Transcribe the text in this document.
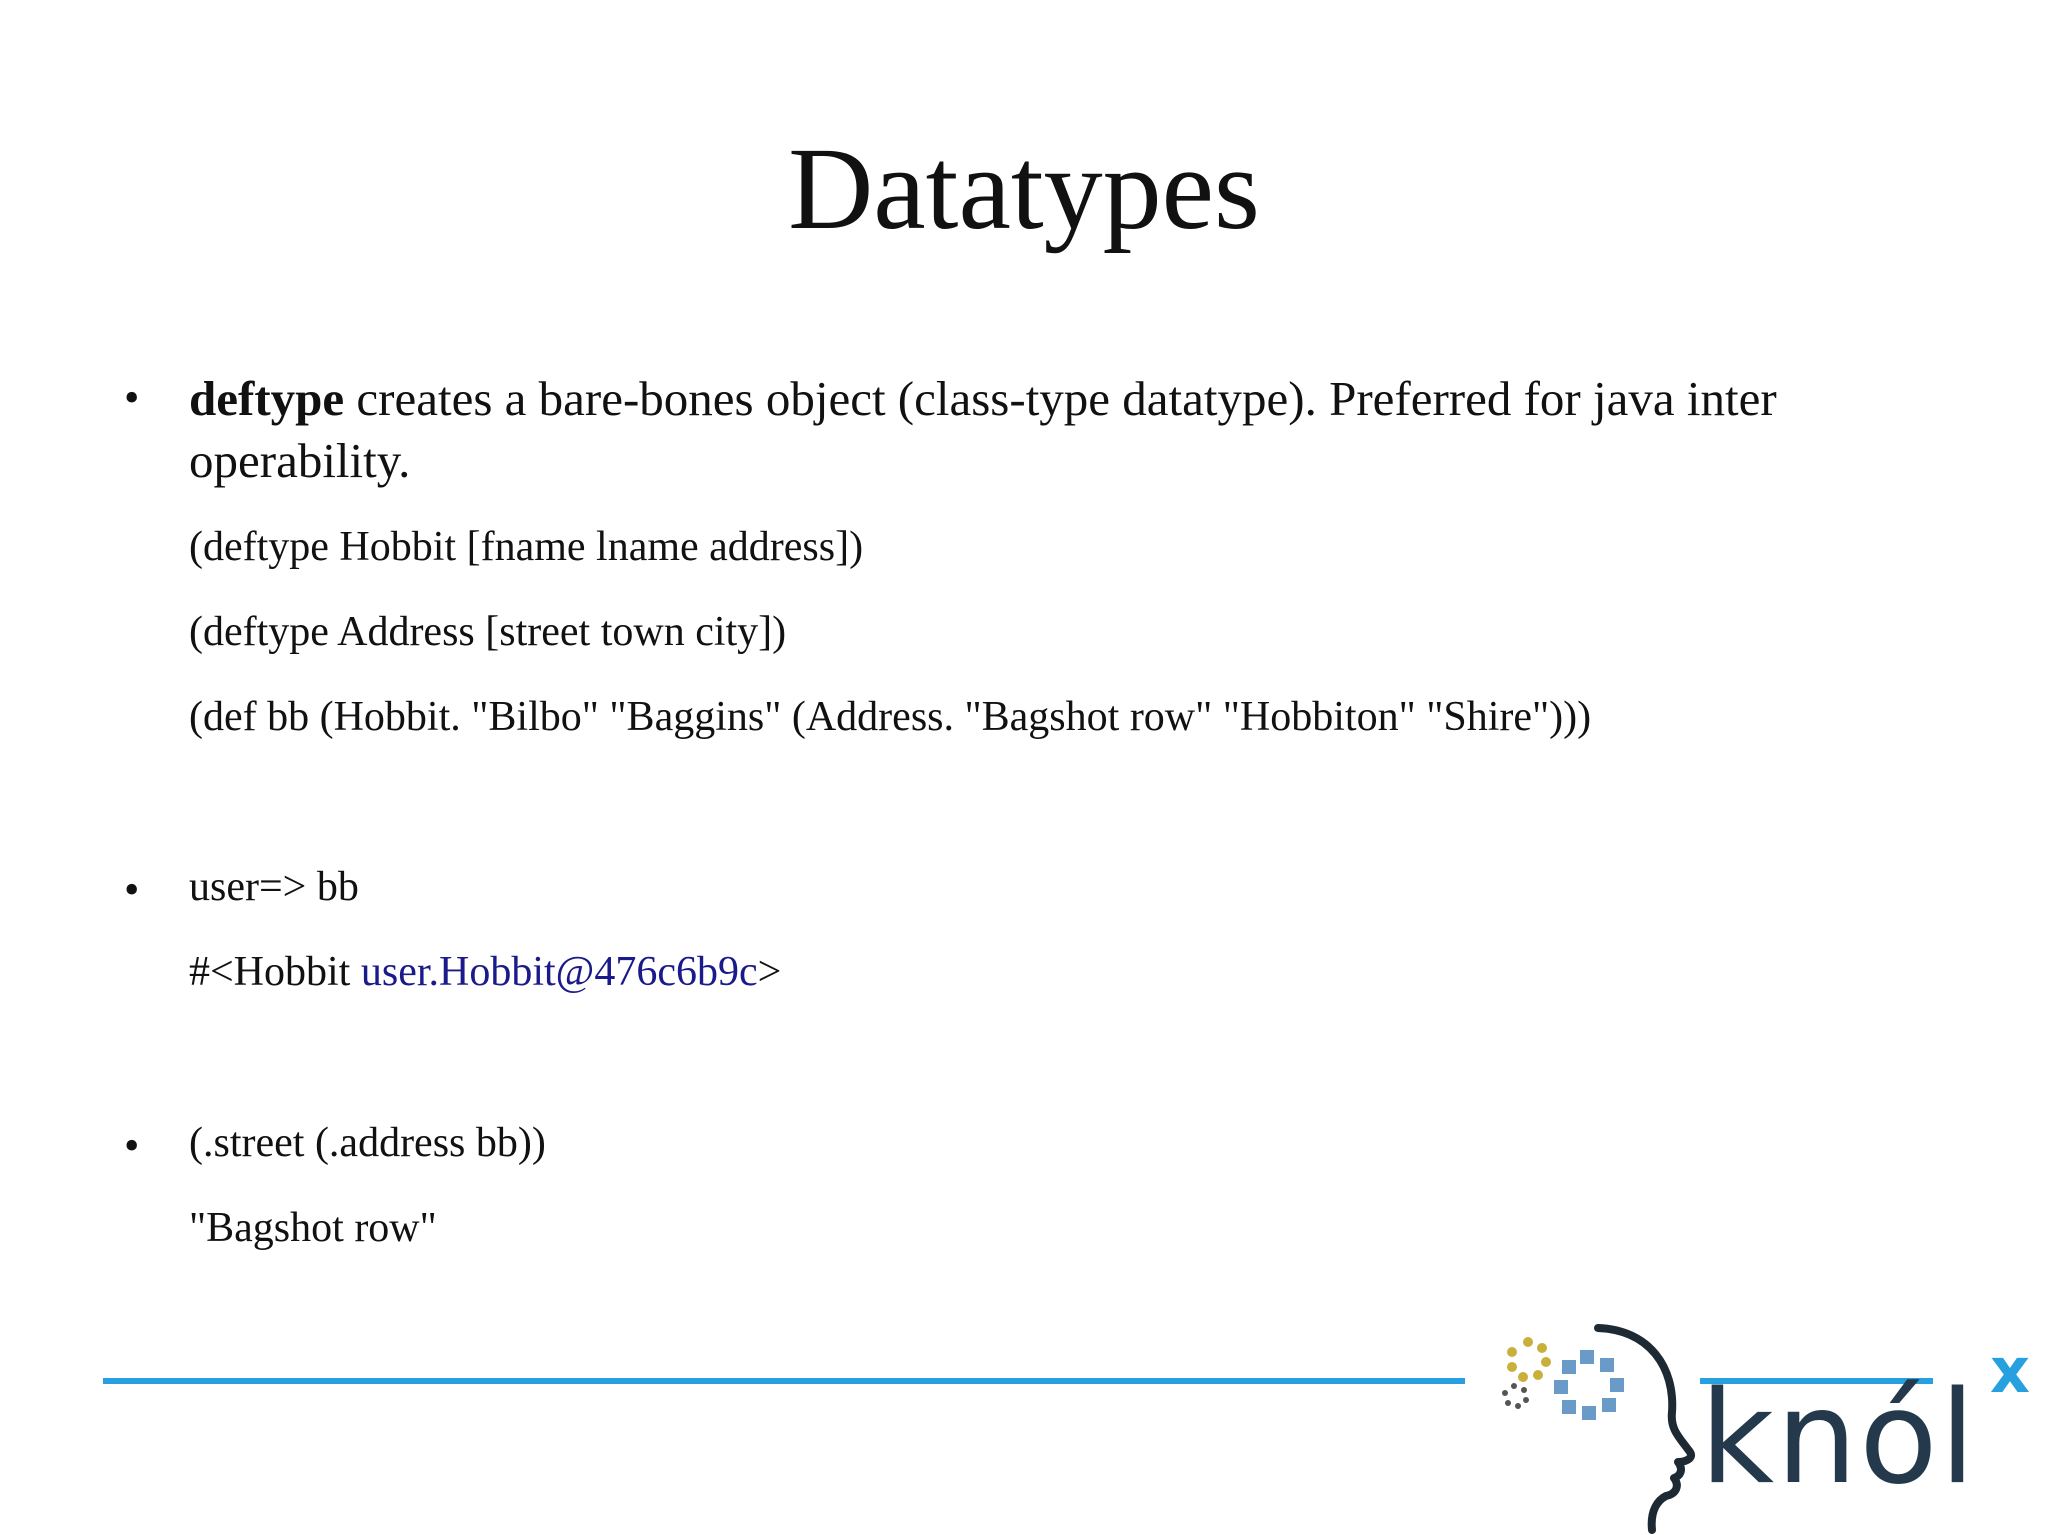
Datatypes
• deftype creates a bare-bones object (class-type datatype). Preferred for java inter operability.
(deftype Hobbit [fname lname address])
(deftype Address [street town city])
(def bb (Hobbit. "Bilbo" "Baggins" (Address. "Bagshot row" "Hobbiton" "Shire")))
• user=> bb
#<Hobbit user.Hobbit@476c6b9c>
• (.street (.address bb))
"Bagshot row"
knól x
